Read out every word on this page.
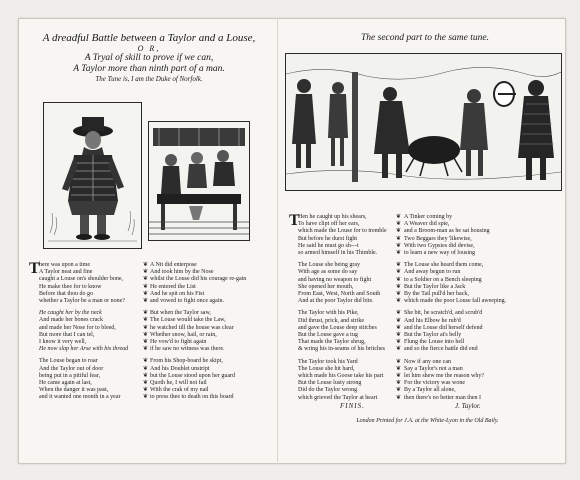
A dreadful Battle between a Taylor and a Louse,
O R,
A Tryal of skill to prove if we can,
A Taylor more than ninth part of a man.
The Tune is, I am the Duke of Norfolk.
The second part to the same tune.
T
T
here was upon a time
A Taylor neat and fine
caught a Louse on's shoulder bone,
He make thee for to know
Before that thou do go
whether a Taylor be a man or none?
He caught her by the neck
And made her bones crack
and made her Nose for to bleed,
But more that I can tel,
I know it very well,
He now slap her Arse with his thread
The Louse began to roar
And the Taylor out of door
being put in a pitiful fear,
He came again at last,
When the danger it was past,
and it wanted one month in a year
❦
❦
❦
❦
❦
❦
❦
❦
❦
❦
❦
❦
❦
❦
❦
❦
❦
❦
A Nit did enterpose
And took him by the Nose
whilst the Louse did his courage re-gain
He entered the List
And he spit on his Fist
and vowed to fight once again.
But when the Taylor saw,
The Louse would take the Law,
he watched till the house was clear
Whether snow, hail, or rain,
He vow'd to fight again
if he saw no witness was there.
From his Shop-board he skipt,
And his Doublet unstript
but the Louse stood upon her guard
Quoth he, I will not fail
With the crak of my nail
to press thee to death on this board
Hen he caught up his shears,
To have clipt off her ears,
which made the Louse for to tremble
But before he durst fight
He said he must go sh---t
so armed himself in his Thimble.
The Louse she being gray
With age as some do say
and having no weapon to fight
She opened her mouth,
From East, West, North and South
And at the poor Taylor did bite.
The Taylor with his Pike,
Did thrust, prick, and strike
and gave the Louse deep stitches
But the Louse gave a tug
That made the Taylor shrug,
& wring his in-seams of his britches
The Taylor took his Yard
The Louse she hit hard,
which made his Goose take his part
But the Louse lusty strong
Did do the Taylor wrong
which grieved the Taylor at heart
❦
❦
❦
❦
❦
❦
❦
❦
❦
❦
❦
❦
❦
❦
❦
❦
❦
❦
❦
❦
❦
❦
❦
❦
A Tinker coming by
A Weaver did spie,
and a Broom-man as he sat housing
Two Beggars they 'likewise,
With two Gypsies did devise,
to learn a new way of lousing
The Louse she heard them come,
And away begun to run
to a Soldier on a Bench sleeping
But the Taylor like a Jack
By the Tail pull'd her back,
which made the poor Louse fall aweeping.
She bit, he scratch'd, and scrub'd
And his Elbow he rub'd
and the Louse did herself defend
But the Taylor at's belly
Flung the Louse into hell
and so the fierce battle did end
Now if any one can
Say a Taylor's not a man
let him shew me the reason why?
For the victory was wone
By a Taylor all alone,
then there's no better man then I
FINIS.	J. Taylor.
London Printed for J.A. at the White-Lyon in the Old Baily.
